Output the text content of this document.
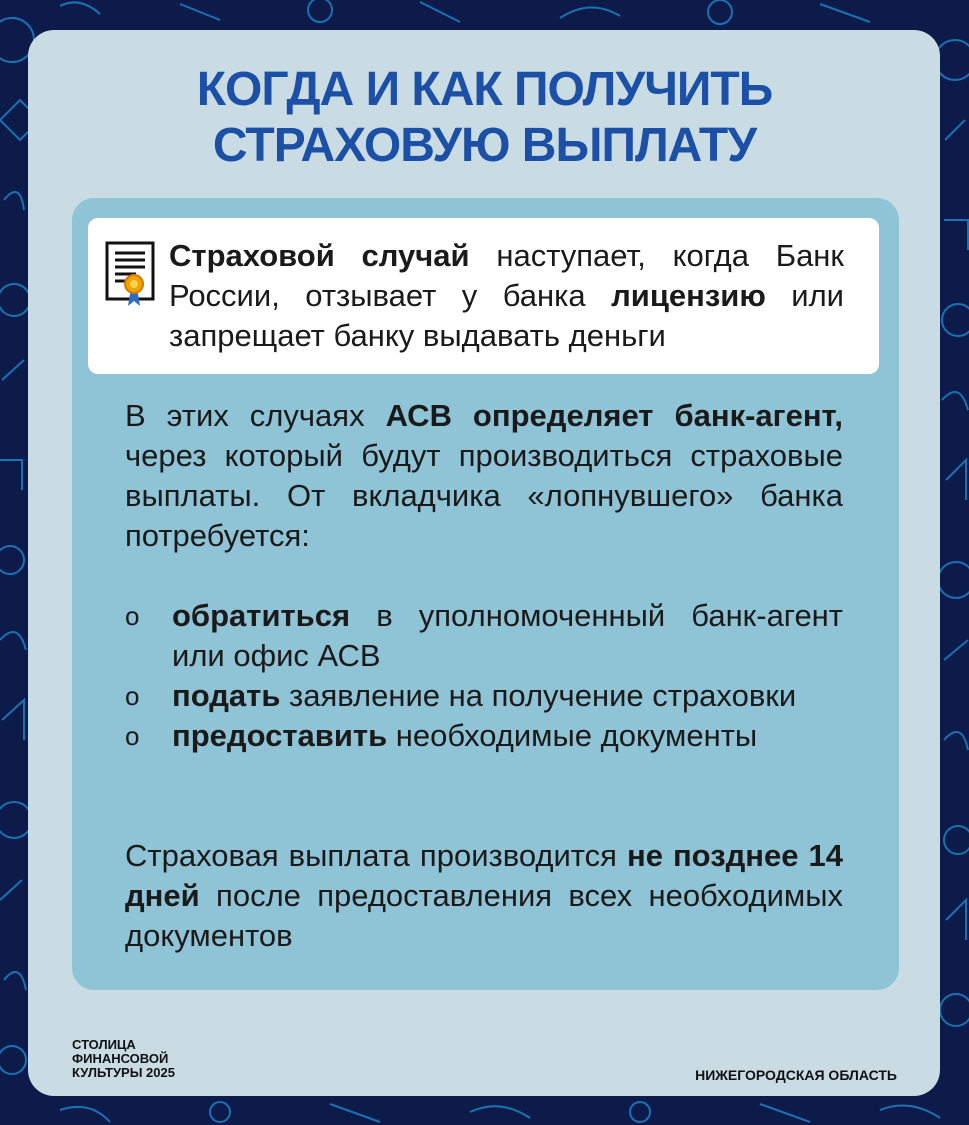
КОГДА И КАК ПОЛУЧИТЬ
СТРАХОВУЮ ВЫПЛАТУ
Страховой случай наступает, когда Банк России, отзывает у банка лицензию или запрещает банку выдавать деньги
В этих случаях АСВ определяет банк-агент, через который будут производиться страховые выплаты. От вкладчика «лопнувшего» банка потребуется:
o	обратиться в уполномоченный банк-агент или офис АСВ
o	подать заявление на получение страховки
o	предоставить необходимые документы
Страховая выплата производится не позднее 14 дней после предоставления всех необходимых документов
СТОЛИЦА
ФИНАНСОВОЙ
КУЛЬТУРЫ 2025	НИЖЕГОРОДСКАЯ ОБЛАСТЬ
